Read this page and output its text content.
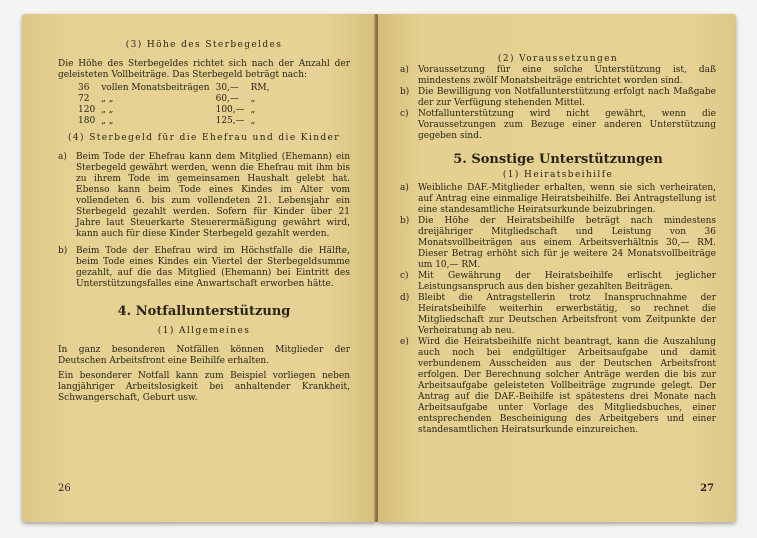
(3) Höhe des Sterbegeldes

Die Höhe des Sterbegeldes richtet sich nach der Anzahl der geleisteten Vollbeiträge. Das Sterbegeld beträgt nach:

36	vollen Monatsbeiträgen	30,—	RM,
72	„ „	60,—	„
120	„ „	100,—	„
180	„ „	125,—	„

(4) Sterbegeld für die Ehefrau und die Kinder

a)	Beim Tode der Ehefrau kann dem Mitglied (Ehemann) ein Sterbegeld gewährt werden, wenn die Ehefrau mit ihm bis zu ihrem Tode im gemeinsamen Haushalt gelebt hat. Ebenso kann beim Tode eines Kindes im Alter vom vollendeten 6. bis zum vollendeten 21. Lebensjahr ein Sterbegeld gezahlt werden. Sofern für Kinder über 21 Jahre laut Steuerkarte Steuerermäßigung gewährt wird, kann auch für diese Kinder Sterbegeld gezahlt werden.
b) Beim Tode der Ehefrau wird im Höchstfalle die Hälfte, beim Tode eines Kindes ein Viertel der Sterbegeldsumme gezahlt, auf die das Mitglied (Ehemann) bei Eintritt des Unterstützungsfalles eine Anwartschaft erworben hätte.

4. Notfallunterstützung

(1) Allgemeines

In ganz besonderen Notfällen können Mitglieder der Deutschen Arbeitsfront eine Beihilfe erhalten.

Ein besonderer Notfall kann zum Beispiel vorliegen neben langjähriger Arbeitslosigkeit bei anhaltender Krankheit, Schwangerschaft, Geburt usw.

26

(2) Voraussetzungen

a)	Voraussetzung für eine solche Unterstützung ist, daß mindestens zwölf Monatsbeiträge entrichtet worden sind.
b) Die Bewilligung von Notfallunterstützung erfolgt nach Maßgabe der zur Verfügung stehenden Mittel.
c)	Notfallunterstützung wird nicht gewährt, wenn die Voraussetzungen zum Bezuge einer anderen Unterstützung gegeben sind.

5. Sonstige Unterstützungen

(1) Heiratsbeihilfe

a)	Weibliche DAF.-Mitglieder erhalten, wenn sie sich verheiraten, auf Antrag eine einmalige Heiratsbeihilfe. Bei Antragstellung ist eine standesamtliche Heiratsurkunde beizubringen.
b) Die Höhe der Heiratsbeihilfe beträgt nach mindestens dreijähriger Mitgliedschaft und Leistung von 36 Monatsvollbeiträgen aus einem Arbeitsverhältnis 30,— RM. Dieser Betrag erhöht sich für je weitere 24 Monatsvollbeiträge um 10,— RM.
c)	Mit Gewährung der Heiratsbeihilfe erlischt jeglicher Leistungsanspruch aus den bisher gezahlten Beiträgen.
d) Bleibt die Antragstellerin trotz Inanspruchnahme der Heiratsbeihilfe weiterhin erwerbstätig, so rechnet die Mitgliedschaft zur Deutschen Arbeitsfront vom Zeitpunkte der Verheiratung ab neu.
e)	Wird die Heiratsbeihilfe nicht beantragt, kann die Auszahlung auch noch bei endgültiger Arbeitsaufgabe und damit verbundenem Ausscheiden aus der Deutschen Arbeitsfront erfolgen. Der Berechnung solcher Anträge werden die bis zur Arbeitsaufgabe geleisteten Vollbeiträge zugrunde gelegt. Der Antrag auf die DAF.-Beihilfe ist spätestens drei Monate nach Arbeitsaufgabe unter Vorlage des Mitgliedsbuches, einer entsprechenden Bescheinigung des Arbeitgebers und einer standesamtlichen Heiratsurkunde einzureichen.
27
